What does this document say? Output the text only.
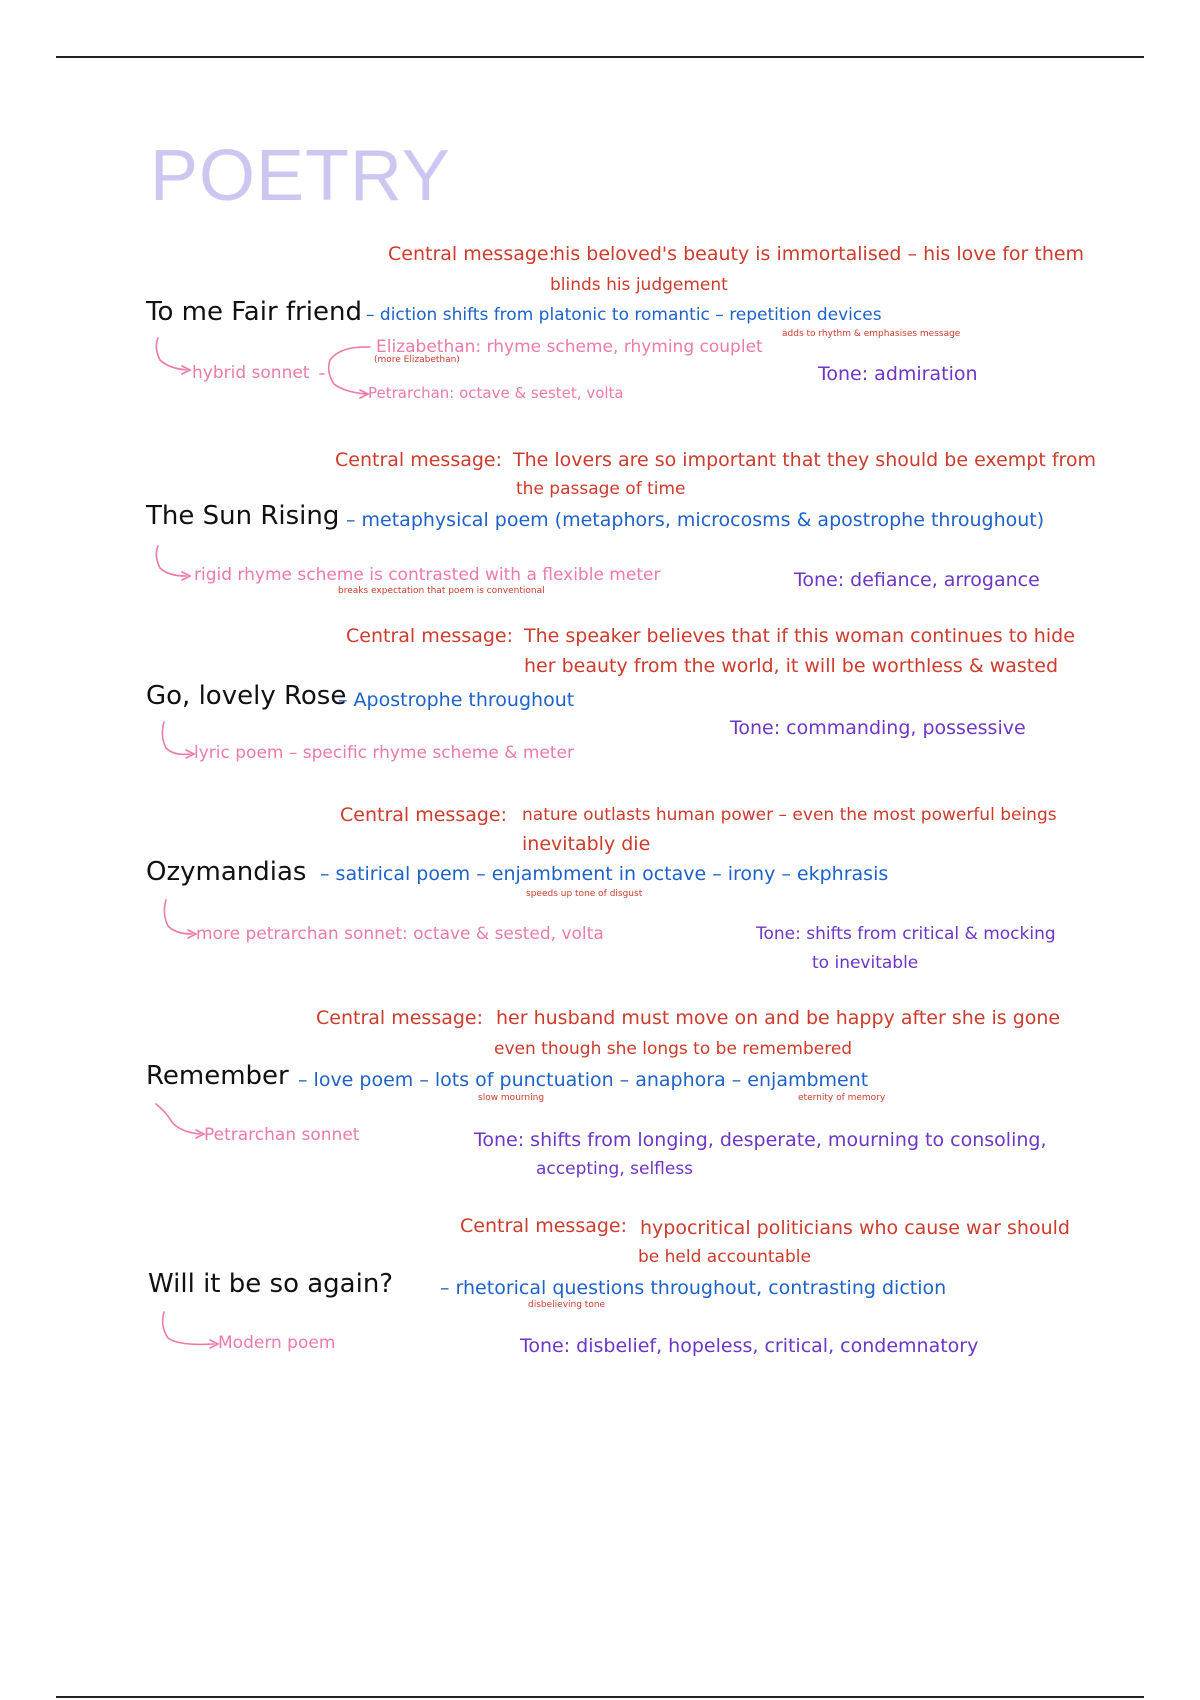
POETRY
Central message:
his beloved's beauty is immortalised – his love for them
blinds his judgement
To me Fair friend – diction shifts from platonic to romantic – repetition devices
adds to rhythm & emphasises message
hybrid sonnet
Elizabethan: rhyme scheme, rhyming couplet
(more Elizabethan)
Petrarchan: octave & sestet, volta
Tone: admiration
Central message: The lovers are so important that they should be exempt from
the passage of time
The Sun Rising – metaphysical poem (metaphors, microcosms & apostrophe throughout)
rigid rhyme scheme is contrasted with a flexible meter
breaks expectation that poem is conventional	Tone: defiance, arrogance
Central message: The speaker believes that if this woman continues to hide
her beauty from the world, it will be worthless & wasted
Go, lovely Rose
– Apostrophe throughout
lyric poem – specific rhyme scheme & meter
Tone: commanding, possessive
Central message: nature outlasts human power – even the most powerful beings
inevitably die
Ozymandias – satirical poem – enjambment in octave – irony – ekphrasis
speeds up tone of disgust
more petrarchan sonnet: octave & sested, volta	Tone: shifts from critical & mocking
to inevitable
Central message: her husband must move on and be happy after she is gone
even though she longs to be remembered
Remember – love poem – lots of punctuation – anaphora – enjambment
slow mourning	eternity of memory
Petrarchan sonnet	Tone: shifts from longing, desperate, mourning to consoling,
accepting, selfless
Central message: hypocritical politicians who cause war should
be held accountable
Will it be so again? – rhetorical questions throughout, contrasting diction
disbelieving tone
Modern poem	Tone: disbelief, hopeless, critical, condemnatory
